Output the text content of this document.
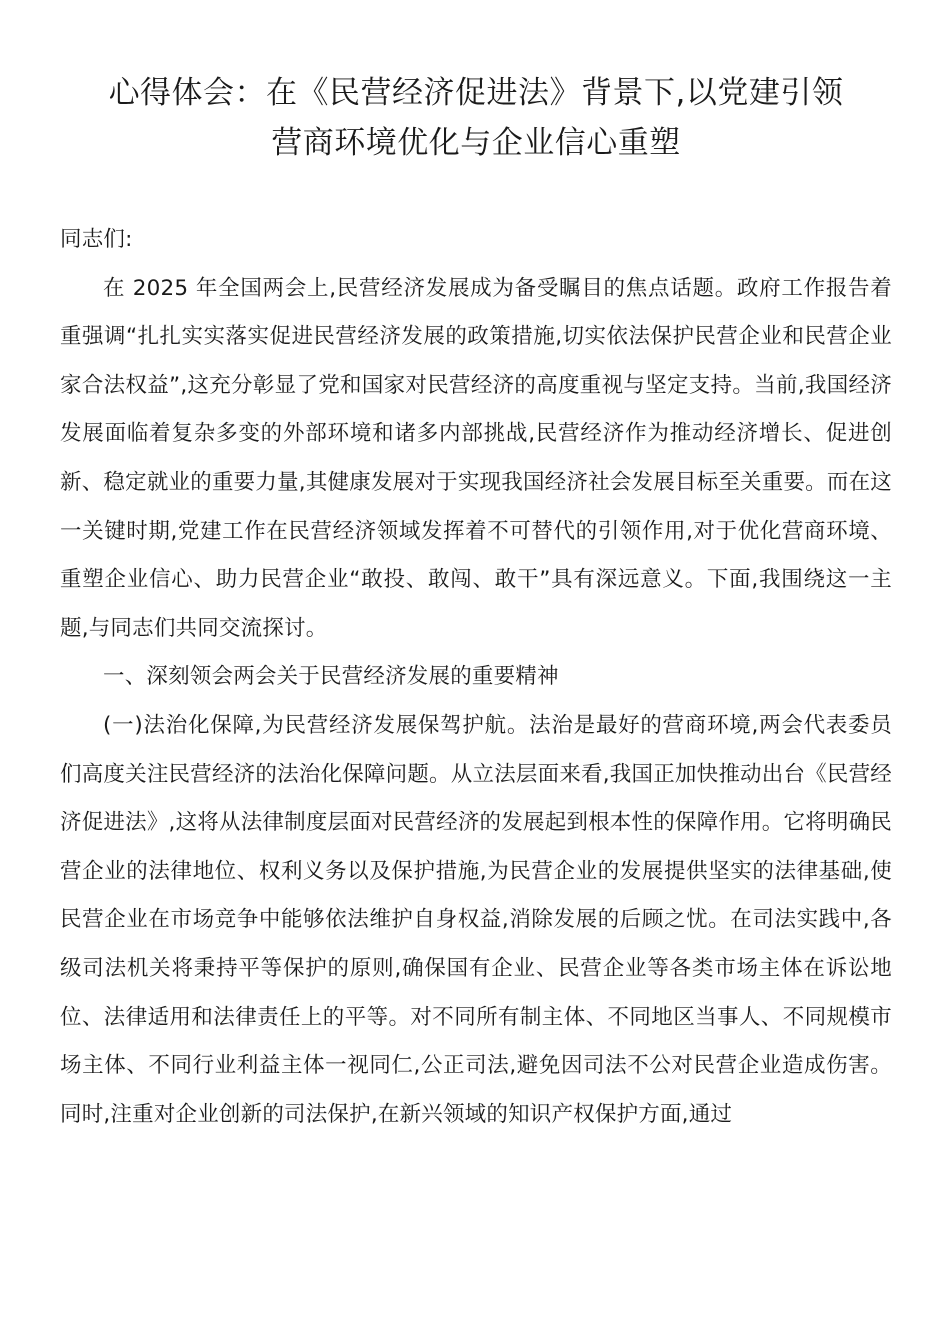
心得体会：在《民营经济促进法》背景下,以党建引领
营商环境优化与企业信心重塑

同志们:

在 2025 年全国两会上,民营经济发展成为备受瞩目的焦点话题。政府工作报告着重强调“扎扎实实落实促进民营经济发展的政策措施,切实依法保护民营企业和民营企业家合法权益”,这充分彰显了党和国家对民营经济的高度重视与坚定支持。当前,我国经济发展面临着复杂多变的外部环境和诸多内部挑战,民营经济作为推动经济增长、促进创新、稳定就业的重要力量,其健康发展对于实现我国经济社会发展目标至关重要。而在这一关键时期,党建工作在民营经济领域发挥着不可替代的引领作用,对于优化营商环境、重塑企业信心、助力民营企业“敢投、敢闯、敢干”具有深远意义。下面,我围绕这一主题,与同志们共同交流探讨。

一、深刻领会两会关于民营经济发展的重要精神

(一)法治化保障,为民营经济发展保驾护航。法治是最好的营商环境,两会代表委员们高度关注民营经济的法治化保障问题。从立法层面来看,我国正加快推动出台《民营经济促进法》,这将从法律制度层面对民营经济的发展起到根本性的保障作用。它将明确民营企业的法律地位、权利义务以及保护措施,为民营企业的发展提供坚实的法律基础,使民营企业在市场竞争中能够依法维护自身权益,消除发展的后顾之忧。在司法实践中,各级司法机关将秉持平等保护的原则,确保国有企业、民营企业等各类市场主体在诉讼地位、法律适用和法律责任上的平等。对不同所有制主体、不同地区当事人、不同规模市场主体、不同行业利益主体一视同仁,公正司法,避免因司法不公对民营企业造成伤害。同时,注重对企业创新的司法保护,在新兴领域的知识产权保护方面,通过
